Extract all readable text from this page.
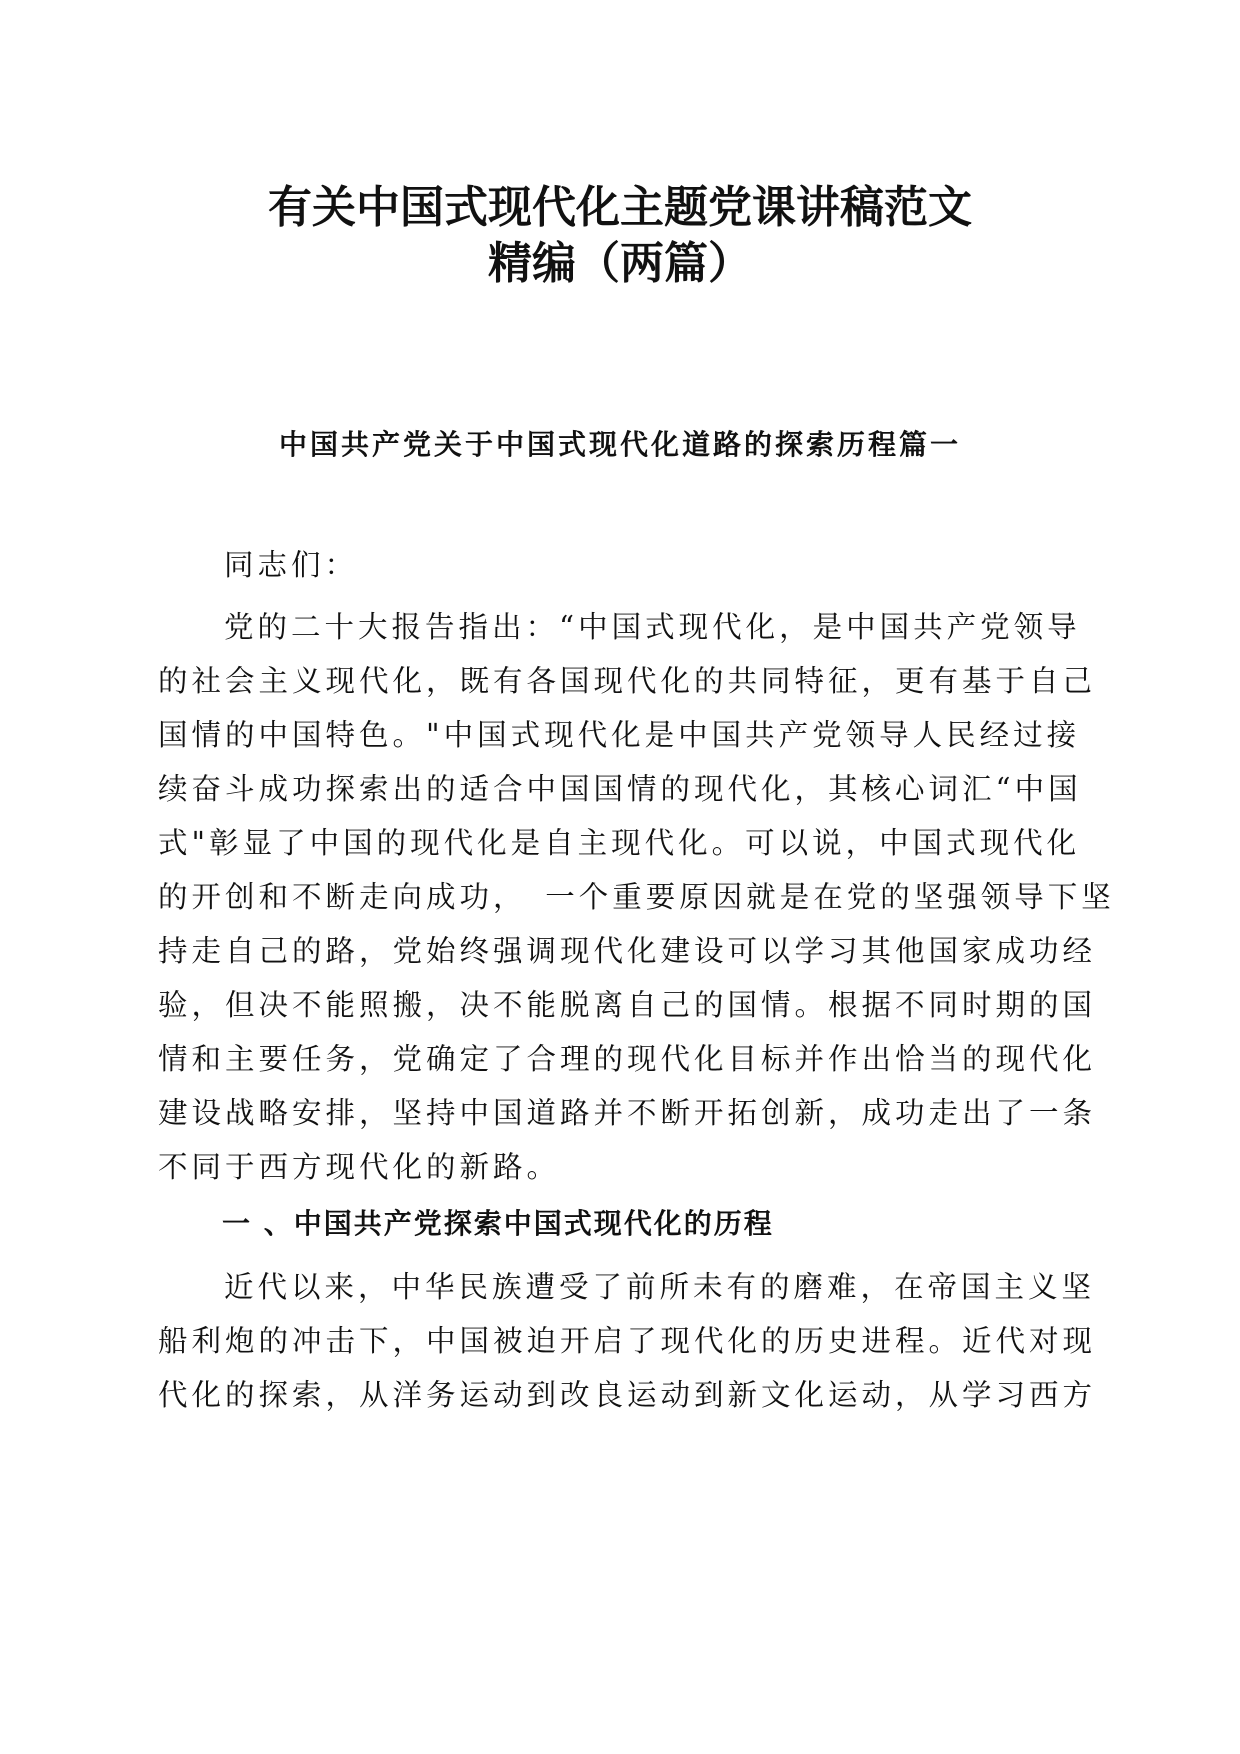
有关中国式现代化主题党课讲稿范文
精编（两篇）
中国共产党关于中国式现代化道路的探索历程篇一
同志们：
党的二十大报告指出：“中国式现代化，是中国共产党领导
的社会主义现代化，既有各国现代化的共同特征，更有基于自己
国情的中国特色。"中国式现代化是中国共产党领导人民经过接
续奋斗成功探索出的适合中国国情的现代化，其核心词汇“中国
式"彰显了中国的现代化是自主现代化。可以说，中国式现代化
的开创和不断走向成功，　一个重要原因就是在党的坚强领导下坚
持走自己的路，党始终强调现代化建设可以学习其他国家成功经
验，但决不能照搬，决不能脱离自己的国情。根据不同时期的国
情和主要任务，党确定了合理的现代化目标并作出恰当的现代化
建设战略安排，坚持中国道路并不断开拓创新，成功走出了一条
不同于西方现代化的新路。
一 、中国共产党探索中国式现代化的历程
近代以来，中华民族遭受了前所未有的磨难，在帝国主义坚
船利炮的冲击下，中国被迫开启了现代化的历史进程。近代对现
代化的探索，从洋务运动到改良运动到新文化运动，从学习西方
